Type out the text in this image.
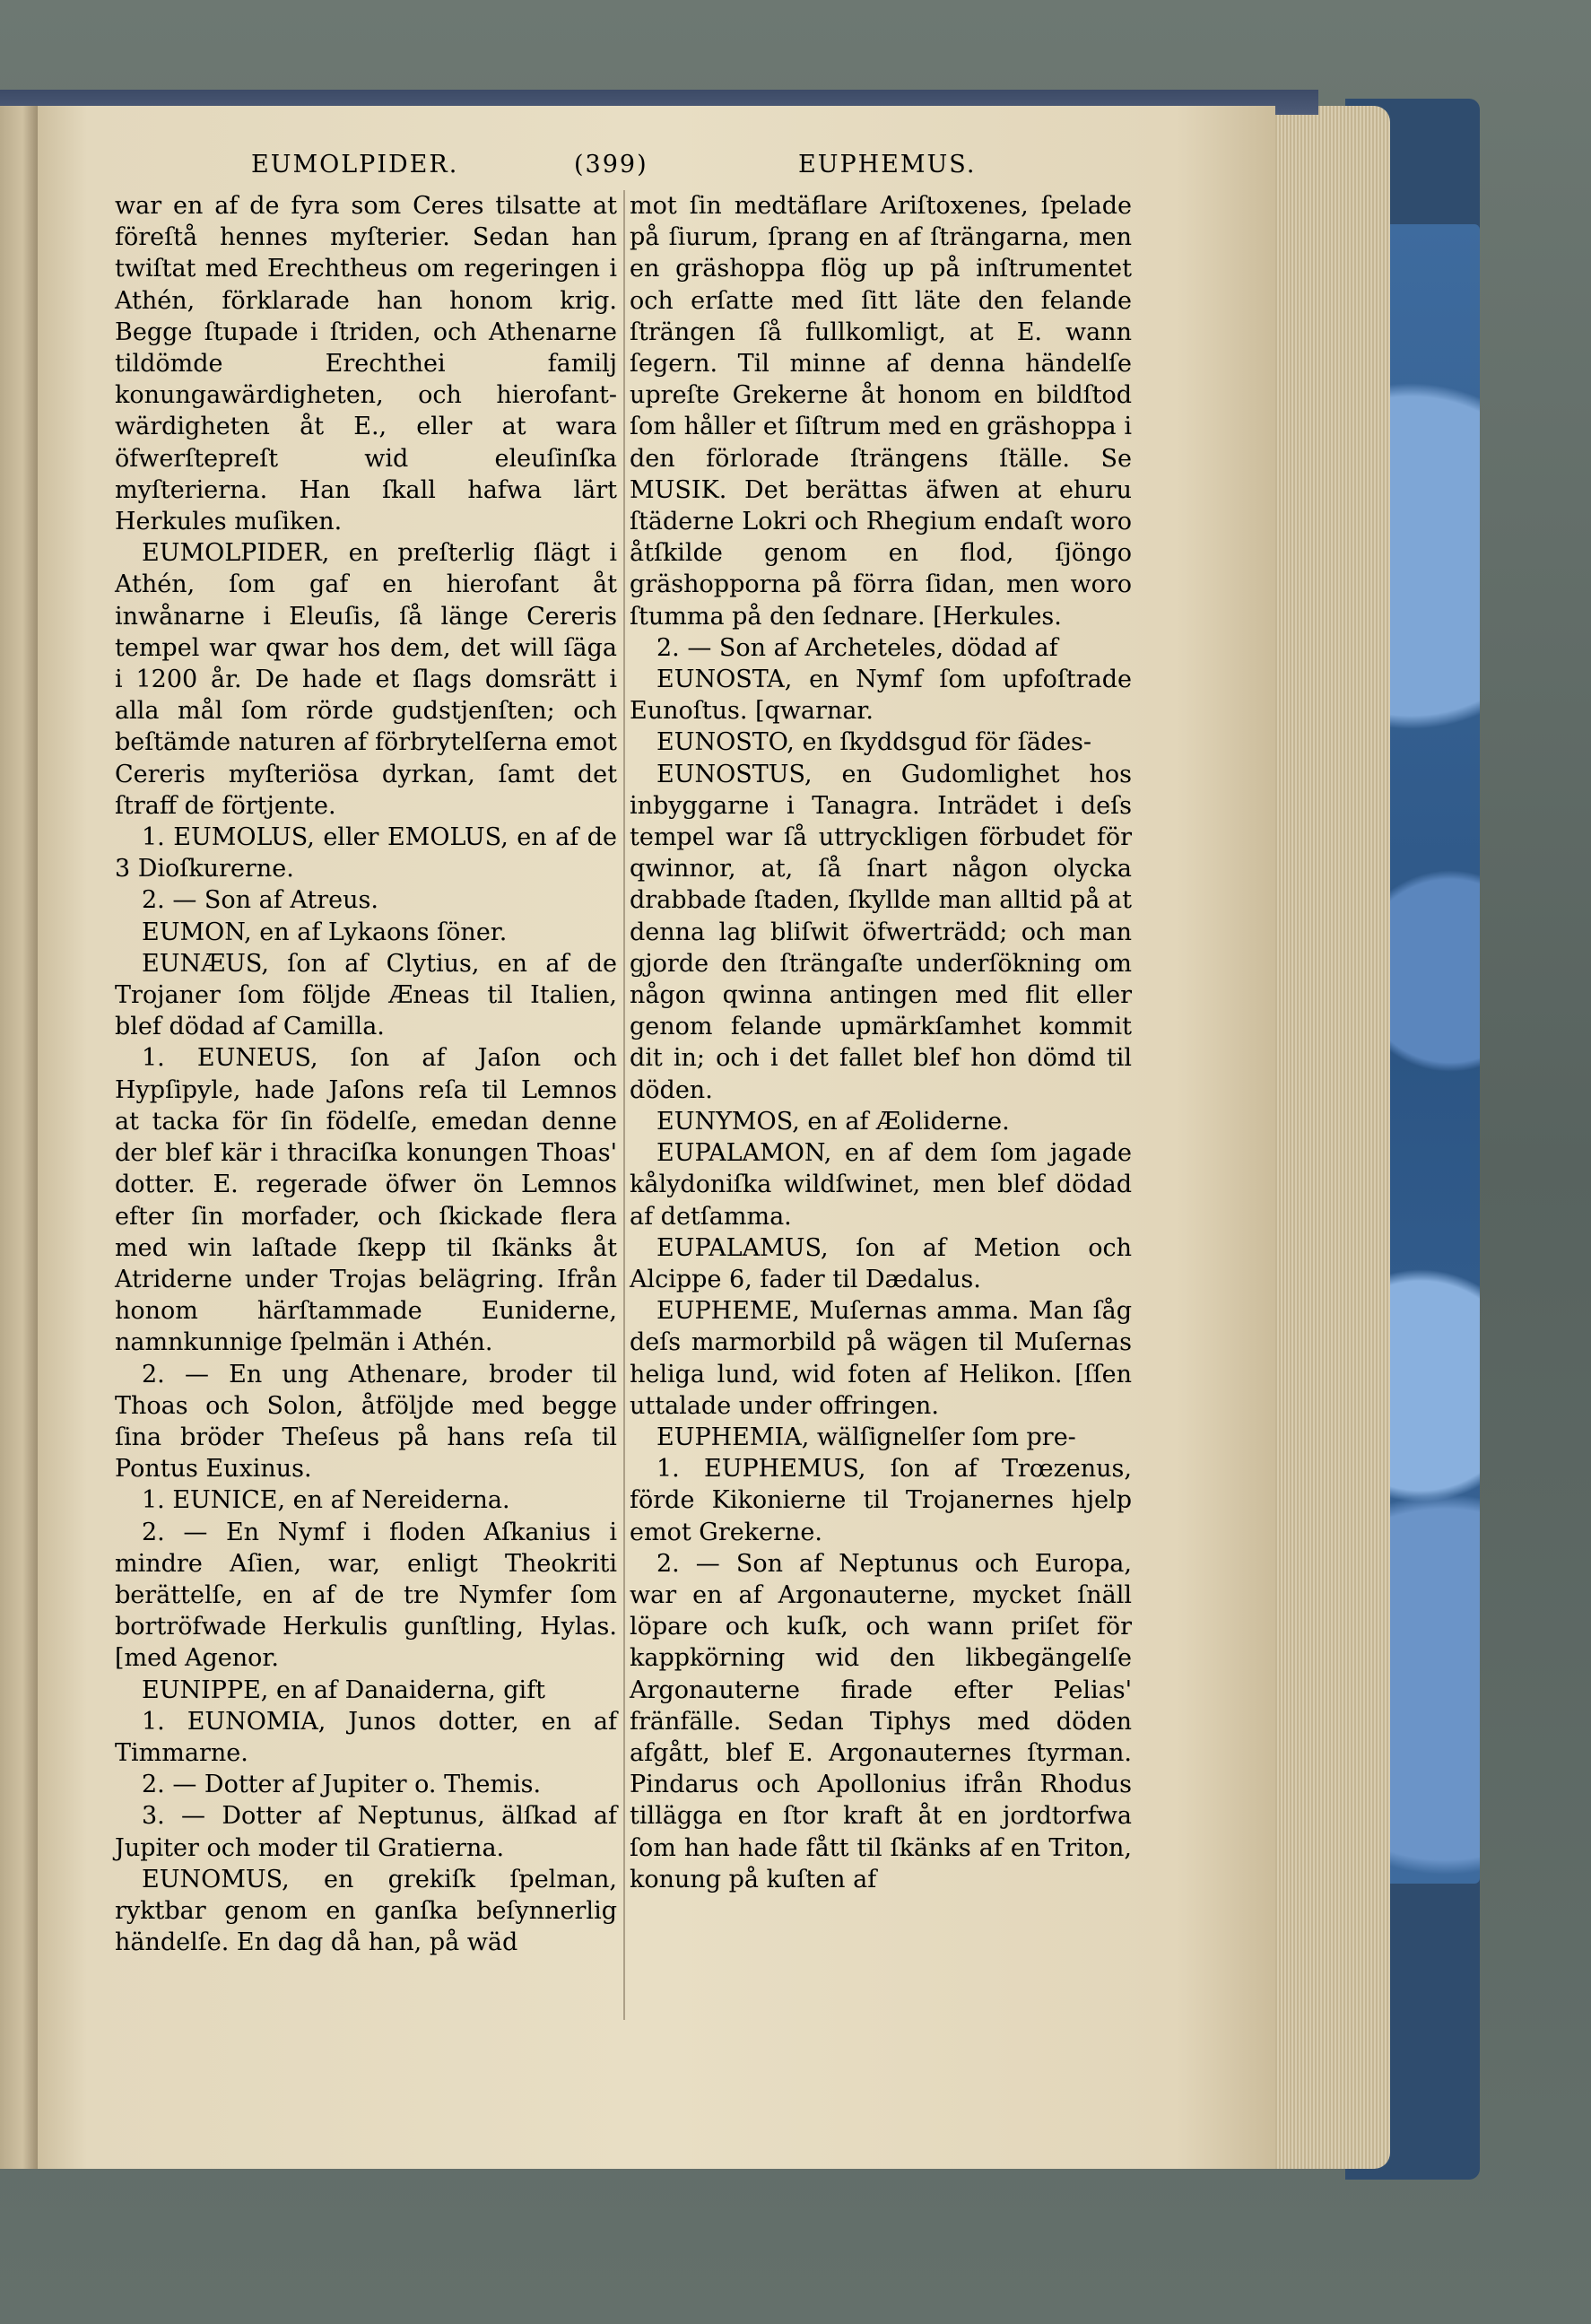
EUMOLPIDER.	(399)	EUPHEMUS.

war en af de fyra som Ceres tilsatte at föreſtå hennes myſterier. Sedan han twiſtat med Erechtheus om regeringen i Athén, förklarade han honom krig. Begge ſtupade i ſtriden, och Athenarne tildömde Erechthei familj konungawärdigheten, och hierofant-wärdigheten åt E., eller at wara öfwerſtepreſt wid eleuſinſka myſterierna. Han ſkall hafwa lärt Herkules muſiken.

EUMOLPIDER, en preſterlig ſlägt i Athén, ſom gaf en hierofant åt inwånarne i Eleuſis, ſå länge Cereris tempel war qwar hos dem, det will ſäga i 1200 år. De hade et ſlags domsrätt i alla mål ſom rörde gudstjenſten; och beſtämde naturen af förbrytelſerna emot Cereris myſteriösa dyrkan, ſamt det ſtraff de förtjente.

1. EUMOLUS, eller EMOLUS, en af de 3 Dioſkurerne.

2. — Son af Atreus.

EUMON, en af Lykaons ſöner.

EUNÆUS, ſon af Clytius, en af de Trojaner ſom följde Æneas til Italien, blef dödad af Camilla.

1. EUNEUS, ſon af Jaſon och Hypſipyle, hade Jaſons reſa til Lemnos at tacka för ſin födelſe, emedan denne der blef kär i thraciſka konungen Thoas' dotter. E. regerade öfwer ön Lemnos efter ſin morfader, och ſkickade flera med win laſtade ſkepp til ſkänks åt Atriderne under Trojas belägring. Ifrån honom härſtammade Euniderne, namnkunnige ſpelmän i Athén.

2. — En ung Athenare, broder til Thoas och Solon, åtföljde med begge ſina bröder Theſeus på hans reſa til Pontus Euxinus.

1. EUNICE, en af Nereiderna.

2. — En Nymf i floden Aſkanius i mindre Aſien, war, enligt Theokriti berättelſe, en af de tre Nymfer ſom bortröfwade Herkulis gunſtling, Hylas. [med Agenor.

EUNIPPE, en af Danaiderna, gift

1. EUNOMIA, Junos dotter, en af Timmarne.

2. — Dotter af Jupiter o. Themis.

3. — Dotter af Neptunus, älſkad af Jupiter och moder til Gratierna.

EUNOMUS, en grekiſk ſpelman, ryktbar genom en ganſka beſynnerlig händelſe. En dag då han, på wäd

mot ſin medtäflare Ariſtoxenes, ſpelade på ſiurum, ſprang en af ſträngarna, men en gräshoppa flög up på inſtrumentet och erſatte med ſitt läte den felande ſträngen ſå fullkomligt, at E. wann ſegern. Til minne af denna händelſe upreſte Grekerne åt honom en bildſtod ſom håller et ſiſtrum med en gräshoppa i den förlorade ſträngens ſtälle. Se MUSIK. Det berättas äfwen at ehuru ſtäderne Lokri och Rhegium endaſt woro åtſkilde genom en flod, ſjöngo gräshopporna på förra ſidan, men woro ſtumma på den ſednare. [Herkules.

2. — Son af Archeteles, dödad af

EUNOSTA, en Nymf ſom upfoſtrade Eunoſtus. [qwarnar.

EUNOSTO, en ſkyddsgud för ſädes-

EUNOSTUS, en Gudomlighet hos inbyggarne i Tanagra. Inträdet i deſs tempel war ſå uttryckligen förbudet för qwinnor, at, ſå ſnart någon olycka drabbade ſtaden, ſkyllde man alltid på at denna lag bliſwit öfwerträdd; och man gjorde den ſträngaſte underſökning om någon qwinna antingen med flit eller genom felande upmärkſamhet kommit dit in; och i det fallet blef hon dömd til döden.

EUNYMOS, en af Æoliderne.

EUPALAMON, en af dem ſom jagade kålydoniſka wildſwinet, men blef dödad af detſamma.

EUPALAMUS, ſon af Metion och Alcippe 6, fader til Dædalus.

EUPHEME, Muſernas amma. Man ſåg deſs marmorbild på wägen til Muſernas heliga lund, wid foten af Helikon. [ſſen uttalade under offringen.

EUPHEMIA, wälſignelſer ſom pre-

1. EUPHEMUS, ſon af Trœzenus, förde Kikonierne til Trojanernes hjelp emot Grekerne.

2. — Son af Neptunus och Europa, war en af Argonauterne, mycket ſnäll löpare och kuſk, och wann priſet för kappkörning wid den likbegängelſe Argonauterne firade efter Pelias' fränfälle. Sedan Tiphys med döden afgått, blef E. Argonauternes ſtyrman. Pindarus och Apollonius ifrån Rhodus tillägga en ſtor kraft åt en jordtorfwa ſom han hade fått til ſkänks af en Triton, konung på kuſten af
